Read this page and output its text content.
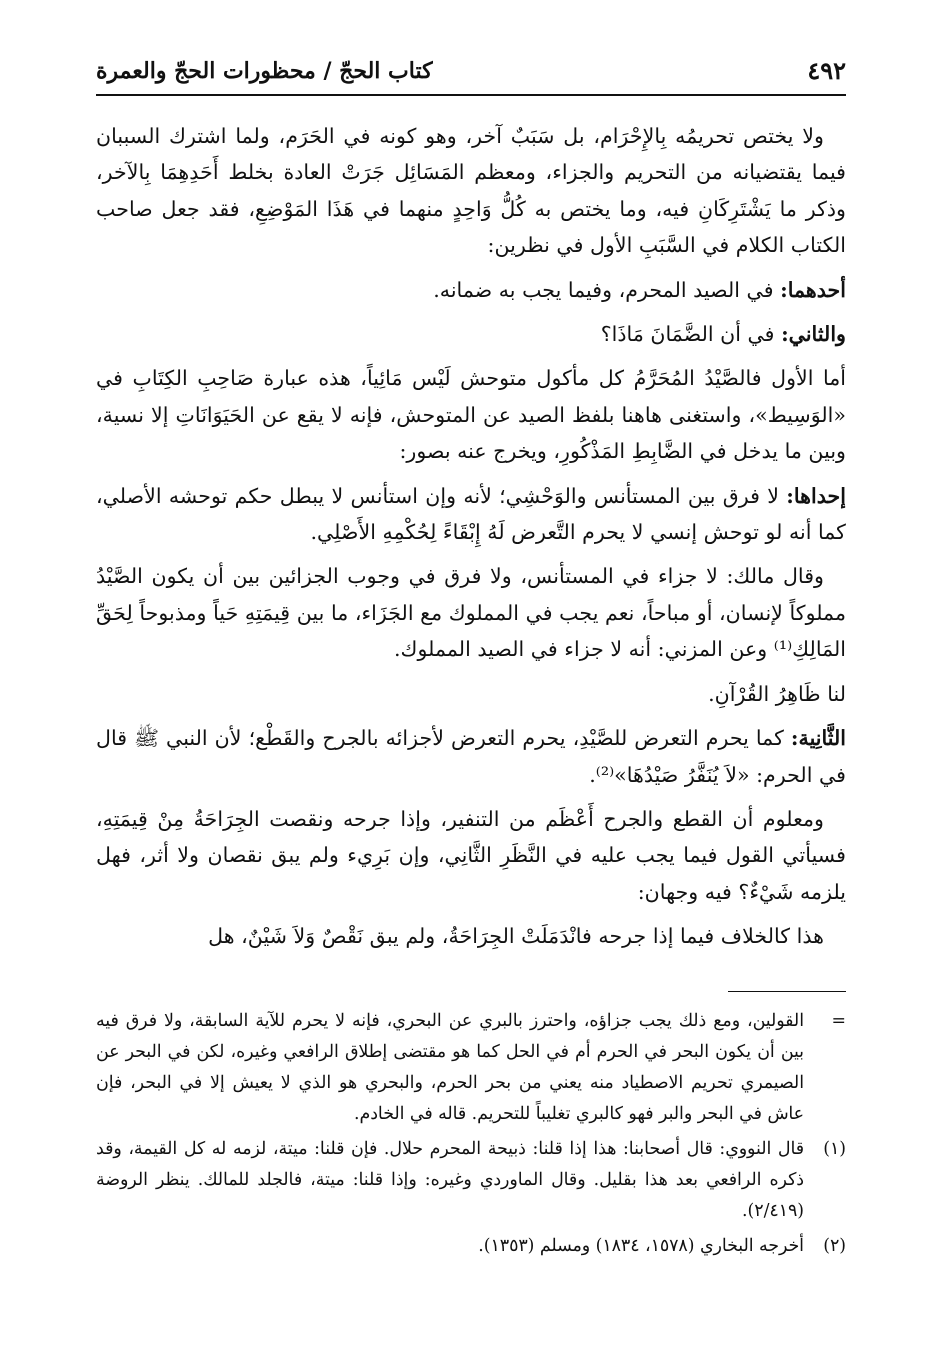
٤٩٢
كتاب الحجّ / محظورات الحجّ والعمرة

ولا يختص تحريمُه بِالإِحْرَام، بل سَبَبٌ آخر، وهو كونه في الحَرَم، ولما اشترك السببان فيما يقتضيانه من التحريم والجزاء، ومعظم المَسَائِل جَرَتْ العادة بخلط أَحَدِهِمَا بِالآخر، وذكر ما يَشْتَرِكَانِ فيه، وما يختص به كُلُّ وَاحِدٍ منهما في هَذَا المَوْضِعِ، فقد جعل صاحب الكتاب الكلام في السَّبَبِ الأول في نظرين:

أحدهما: في الصيد المحرم، وفيما يجب به ضمانه.

والثاني: في أن الضَّمَانَ مَاذَا؟

أما الأول فالصَّيْدُ المُحَرَّمُ كل مأكول متوحش لَيْس مَائِياً، هذه عبارة صَاحِبِ الكِتَابِ في «الوَسِيط»، واستغنى هاهنا بلفظ الصيد عن المتوحش، فإنه لا يقع عن الحَيَوَانَاتِ إلا نسية، وبين ما يدخل في الضَّابِطِ المَذْكُورِ، ويخرج عنه بصور:

إحداها: لا فرق بين المستأنس والوَحْشِي؛ لأنه وإن استأنس لا يبطل حكم توحشه الأصلي، كما أنه لو توحش إنسي لا يحرم التَّعرض لَهُ إِبْقَاءً لِحُكْمِهِ الأَصْلِي.

وقال مالك: لا جزاء في المستأنس، ولا فرق في وجوب الجزائين بين أن يكون الصَّيْدُ مملوكاً لإنسان، أو مباحاً، نعم يجب في المملوك مع الجَزَاء، ما بين قِيمَتِهِ حَياً ومذبوحاً لِحَقِّ المَالِكِ⁽¹⁾ وعن المزني: أنه لا جزاء في الصيد المملوك.

لنا ظَاهِرُ القُرْآنِ.

الثَّانِية: كما يحرم التعرض للصَّيْدِ، يحرم التعرض لأجزائه بالجرح والقَطْع؛ لأن النبي ﷺ قال في الحرم: «لاَ يُنَفَّرُ صَيْدُهَا»⁽²⁾.

ومعلوم أن القطع والجرح أَعْظَم من التنفير، وإذا جرحه ونقصت الجِرَاحَةُ مِنْ قِيمَتِهِ، فسيأتي القول فيما يجب عليه في النَّظَرِ الثَّانِي، وإن بَرِيء ولم يبق نقصان ولا أثر، فهل يلزمه شَيْءٌ؟ فيه وجهان:

هذا كالخلاف فيما إذا جرحه فانْدَمَلَتْ الجِرَاحَةُ، ولم يبق نَقْصٌ وَلاَ شَيْنٌ، هل

=
القولين، ومع ذلك يجب جزاؤه، واحترز بالبري عن البحري، فإنه لا يحرم للآية السابقة، ولا فرق فيه بين أن يكون البحر في الحرم أم في الحل كما هو مقتضى إطلاق الرافعي وغيره، لكن في البحر عن الصيمري تحريم الاصطياد منه يعني من بحر الحرم، والبحري هو الذي لا يعيش إلا في البحر، فإن عاش في البحر والبر فهو كالبري تغليباً للتحريم. قاله في الخادم.
(١)
قال النووي: قال أصحابنا: هذا إذا قلنا: ذبيحة المحرم حلال. فإن قلنا: ميتة، لزمه له كل القيمة، وقد ذكره الرافعي بعد هذا بقليل. وقال الماوردي وغيره: وإذا قلنا: ميتة، فالجلد للمالك. ينظر الروضة (٢/٤١٩).
(٢)
أخرجه البخاري (١٥٧٨، ١٨٣٤) ومسلم (١٣٥٣).
